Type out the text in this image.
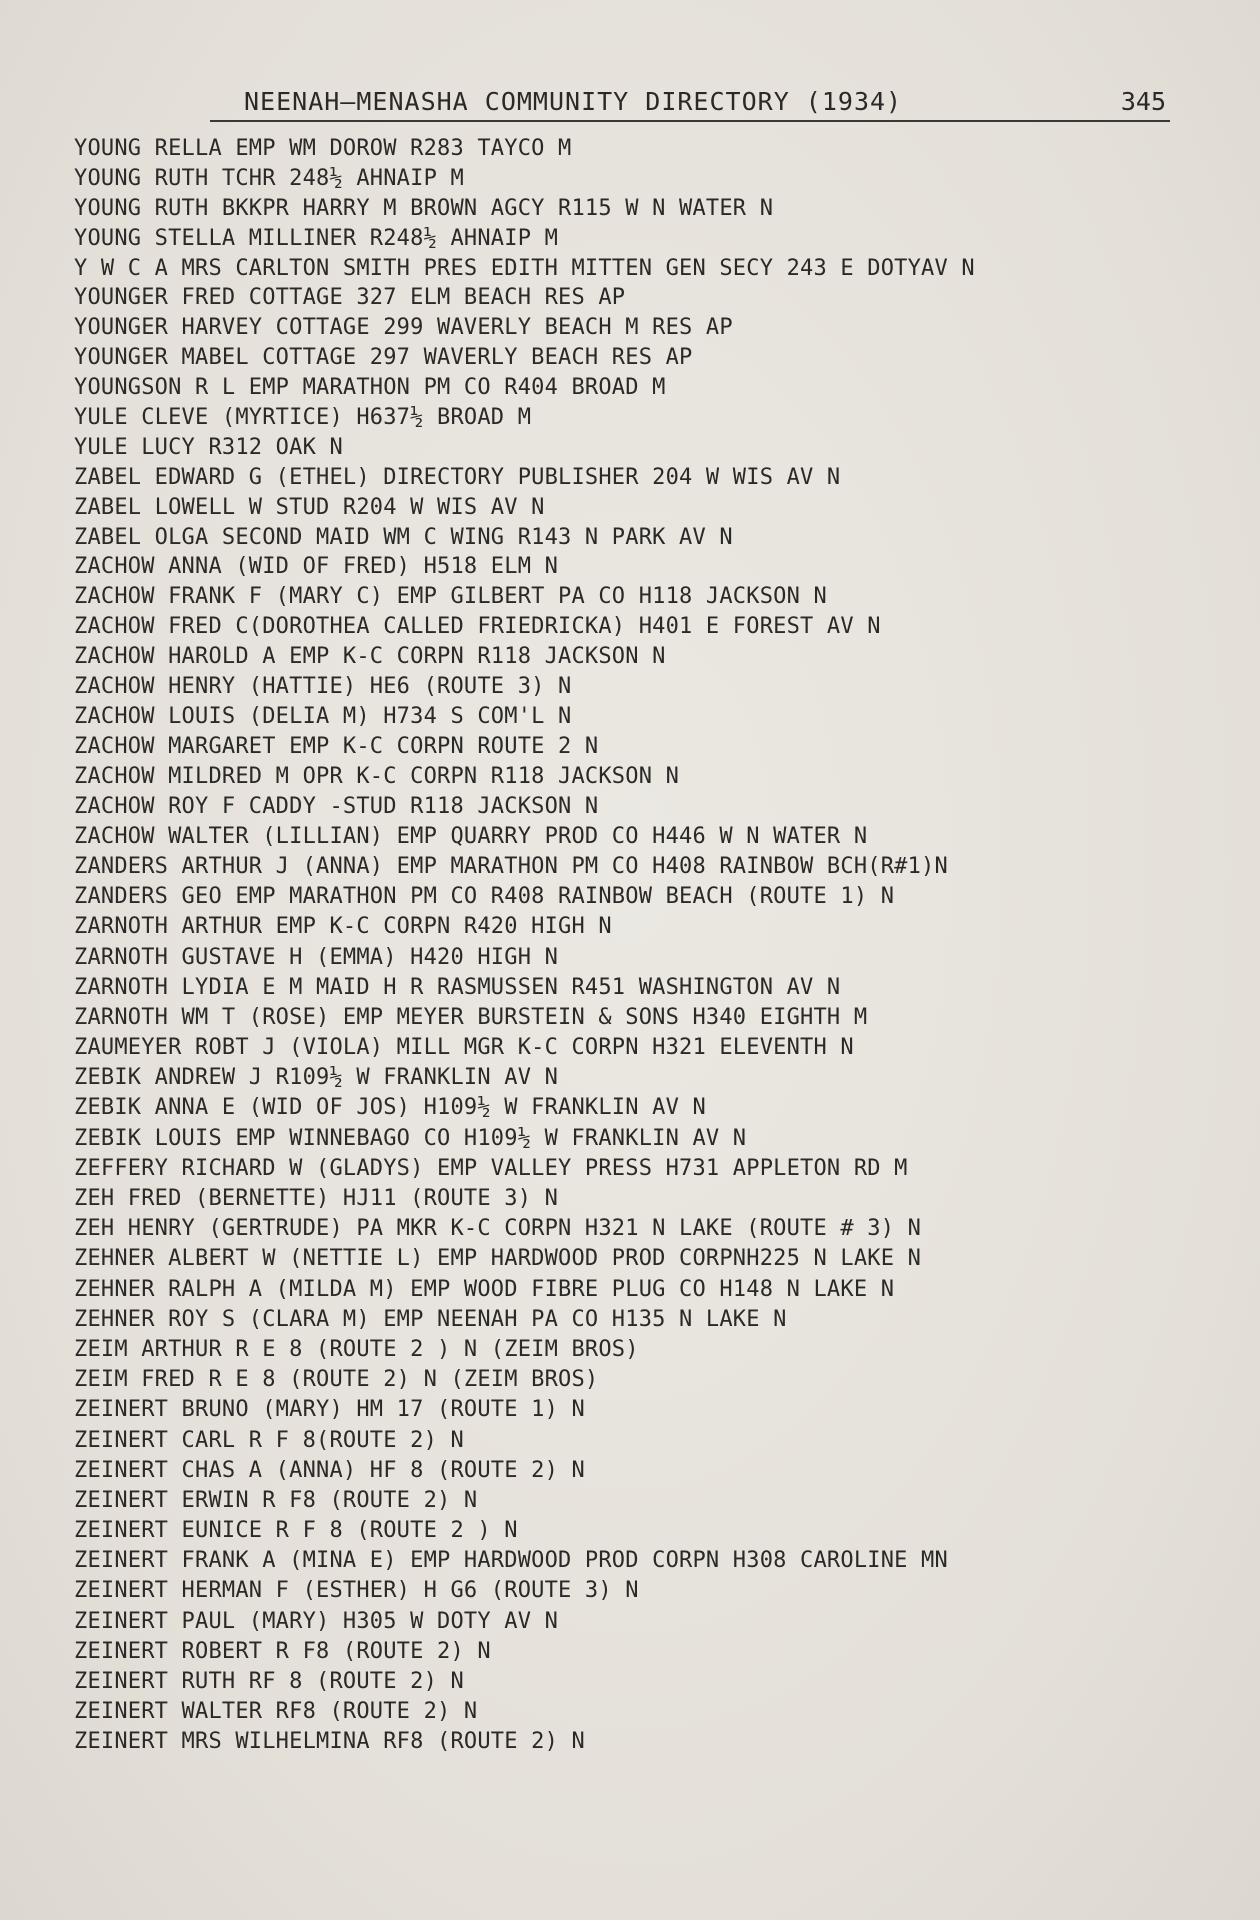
NEENAH—MENASHA COMMUNITY DIRECTORY (1934)	345
YOUNG RELLA EMP WM DOROW R283 TAYCO M
YOUNG RUTH TCHR 248½ AHNAIP M
YOUNG RUTH BKKPR HARRY M BROWN AGCY R115 W N WATER N
YOUNG STELLA MILLINER R248½ AHNAIP M
Y W C A MRS CARLTON SMITH PRES EDITH MITTEN GEN SECY 243 E DOTYAV N
YOUNGER FRED COTTAGE 327 ELM BEACH RES AP
YOUNGER HARVEY COTTAGE 299 WAVERLY BEACH M RES AP
YOUNGER MABEL COTTAGE 297 WAVERLY BEACH RES AP
YOUNGSON R L EMP MARATHON PM CO R404 BROAD M
YULE CLEVE (MYRTICE) H637½ BROAD M
YULE LUCY R312 OAK N
ZABEL EDWARD G (ETHEL) DIRECTORY PUBLISHER 204 W WIS AV N
ZABEL LOWELL W STUD R204 W WIS AV N
ZABEL OLGA SECOND MAID WM C WING R143 N PARK AV N
ZACHOW ANNA (WID OF FRED) H518 ELM N
ZACHOW FRANK F (MARY C) EMP GILBERT PA CO H118 JACKSON N
ZACHOW FRED C(DOROTHEA CALLED FRIEDRICKA) H401 E FOREST AV N
ZACHOW HAROLD A EMP K-C CORPN R118 JACKSON N
ZACHOW HENRY (HATTIE) HE6 (ROUTE 3) N
ZACHOW LOUIS (DELIA M) H734 S COM'L N
ZACHOW MARGARET EMP K-C CORPN ROUTE 2 N
ZACHOW MILDRED M OPR K-C CORPN R118 JACKSON N
ZACHOW ROY F CADDY -STUD R118 JACKSON N
ZACHOW WALTER (LILLIAN) EMP QUARRY PROD CO H446 W N WATER N
ZANDERS ARTHUR J (ANNA) EMP MARATHON PM CO H408 RAINBOW BCH(R#1)N
ZANDERS GEO EMP MARATHON PM CO R408 RAINBOW BEACH (ROUTE 1) N
ZARNOTH ARTHUR EMP K-C CORPN R420 HIGH N
ZARNOTH GUSTAVE H (EMMA) H420 HIGH N
ZARNOTH LYDIA E M MAID H R RASMUSSEN R451 WASHINGTON AV N
ZARNOTH WM T (ROSE) EMP MEYER BURSTEIN & SONS H340 EIGHTH M
ZAUMEYER ROBT J (VIOLA) MILL MGR K-C CORPN H321 ELEVENTH N
ZEBIK ANDREW J R109½ W FRANKLIN AV N
ZEBIK ANNA E (WID OF JOS) H109½ W FRANKLIN AV N
ZEBIK LOUIS EMP WINNEBAGO CO H109½ W FRANKLIN AV N
ZEFFERY RICHARD W (GLADYS) EMP VALLEY PRESS H731 APPLETON RD M
ZEH FRED (BERNETTE) HJ11 (ROUTE 3) N
ZEH HENRY (GERTRUDE) PA MKR K-C CORPN H321 N LAKE (ROUTE # 3) N
ZEHNER ALBERT W (NETTIE L) EMP HARDWOOD PROD CORPNH225 N LAKE N
ZEHNER RALPH A (MILDA M) EMP WOOD FIBRE PLUG CO H148 N LAKE N
ZEHNER ROY S (CLARA M) EMP NEENAH PA CO H135 N LAKE N
ZEIM ARTHUR R E 8 (ROUTE 2 ) N (ZEIM BROS)
ZEIM FRED R E 8 (ROUTE 2) N (ZEIM BROS)
ZEINERT BRUNO (MARY) HM 17 (ROUTE 1) N
ZEINERT CARL R F 8(ROUTE 2) N
ZEINERT CHAS A (ANNA) HF 8 (ROUTE 2) N
ZEINERT ERWIN R F8 (ROUTE 2) N
ZEINERT EUNICE R F 8 (ROUTE 2 ) N
ZEINERT FRANK A (MINA E) EMP HARDWOOD PROD CORPN H308 CAROLINE MN
ZEINERT HERMAN F (ESTHER) H G6 (ROUTE 3) N
ZEINERT PAUL (MARY) H305 W DOTY AV N
ZEINERT ROBERT R F8 (ROUTE 2) N
ZEINERT RUTH RF 8 (ROUTE 2) N
ZEINERT WALTER RF8 (ROUTE 2) N
ZEINERT MRS WILHELMINA RF8 (ROUTE 2) N
